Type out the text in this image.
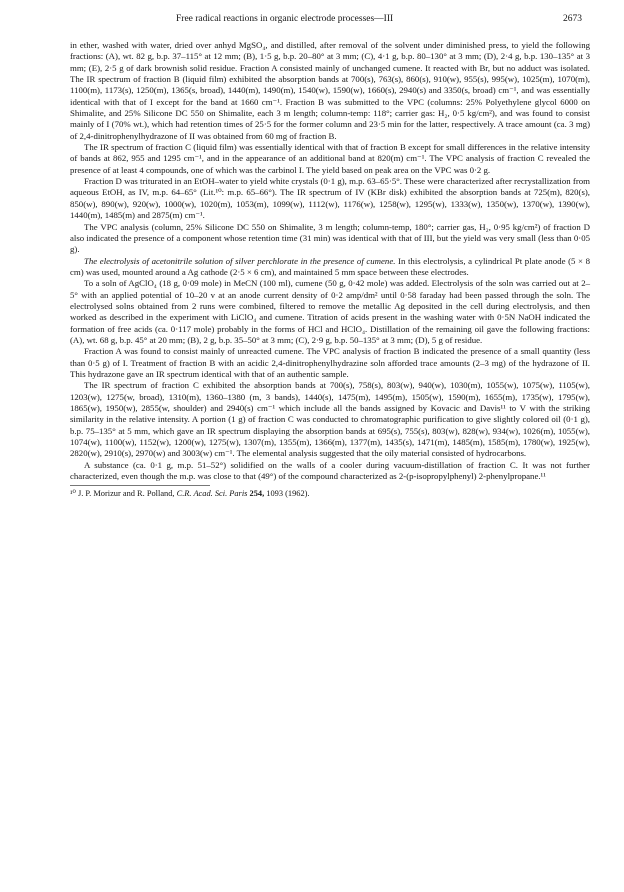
Free radical reactions in organic electrode processes—III	2673

in ether, washed with water, dried over anhyd MgSO₄, and distilled, after removal of the solvent under diminished press, to yield the following fractions: (A), wt. 82 g, b.p. 37–115° at 12 mm; (B), 1·5 g, b.p. 20–80° at 3 mm; (C), 4·1 g, b.p. 80–130° at 3 mm; (D), 2·4 g, b.p. 130–135° at 3 mm; (E), 2·5 g of dark brownish solid residue. Fraction A consisted mainly of unchanged cumene. It reacted with Br, but no adduct was isolated. The IR spectrum of fraction B (liquid film) exhibited the absorption bands at 700(s), 763(s), 860(s), 910(w), 955(s), 995(w), 1025(m), 1070(m), 1100(m), 1173(s), 1250(m), 1365(s, broad), 1440(m), 1490(m), 1540(w), 1590(w), 1660(s), 2940(s) and 3350(s, broad) cm⁻¹, and was essentially identical with that of I except for the band at 1660 cm⁻¹. Fraction B was submitted to the VPC (columns: 25% Polyethylene glycol 6000 on Shimalite, and 25% Silicone DC 550 on Shimalite, each 3 m length; column-temp: 118°; carrier gas: H₂, 0·5 kg/cm²), and was found to consist mainly of I (70% wt.), which had retention times of 25·5 for the former column and 23·5 min for the latter, respectively. A trace amount (ca. 3 mg) of 2,4-dinitrophenylhydrazone of II was obtained from 60 mg of fraction B.

The IR spectrum of fraction C (liquid film) was essentially identical with that of fraction B except for small differences in the relative intensity of bands at 862, 955 and 1295 cm⁻¹, and in the appearance of an additional band at 820(m) cm⁻¹. The VPC analysis of fraction C revealed the presence of at least 4 compounds, one of which was the carbinol I. The yield based on peak area on the VPC was 0·2 g.

Fraction D was triturated in an EtOH–water to yield white crystals (0·1 g), m.p. 63–65·5°. These were characterized after recrystallization from aqueous EtOH, as IV, m.p. 64–65° (Lit.¹⁰: m.p. 65–66°). The IR spectrum of IV (KBr disk) exhibited the absorption bands at 725(m), 820(s), 850(w), 890(w), 920(w), 1000(w), 1020(m), 1053(m), 1099(w), 1112(w), 1176(w), 1258(w), 1295(w), 1333(w), 1350(w), 1370(w), 1390(w), 1440(m), 1485(m) and 2875(m) cm⁻¹.

The VPC analysis (column, 25% Silicone DC 550 on Shimalite, 3 m length; column-temp, 180°; carrier gas, H₂, 0·95 kg/cm²) of fraction D also indicated the presence of a component whose retention time (31 min) was identical with that of III, but the yield was very small (less than 0·05 g).

The electrolysis of acetonitrile solution of silver perchlorate in the presence of cumene. In this electrolysis, a cylindrical Pt plate anode (5 × 8 cm) was used, mounted around a Ag cathode (2·5 × 6 cm), and maintained 5 mm space between these electrodes.

To a soln of AgClO₄ (18 g, 0·09 mole) in MeCN (100 ml), cumene (50 g, 0·42 mole) was added. Electrolysis of the soln was carried out at 2–5° with an applied potential of 10–20 v at an anode current density of 0·2 amp/dm² until 0·58 faraday had been passed through the soln. The electrolysed solns obtained from 2 runs were combined, filtered to remove the metallic Ag deposited in the cell during electrolysis, and then worked as described in the experiment with LiClO₄ and cumene. Titration of acids present in the washing water with 0·5N NaOH indicated the formation of free acids (ca. 0·117 mole) probably in the forms of HCl and HClO₄. Distillation of the remaining oil gave the following fractions: (A), wt. 68 g, b.p. 45° at 20 mm; (B), 2 g, b.p. 35–50° at 3 mm; (C), 2·9 g, b.p. 50–135° at 3 mm; (D), 5 g of residue.

Fraction A was found to consist mainly of unreacted cumene. The VPC analysis of fraction B indicated the presence of a small quantity (less than 0·5 g) of I. Treatment of fraction B with an acidic 2,4-dinitrophenylhydrazine soln afforded trace amounts (2–3 mg) of the hydrazone of II. This hydrazone gave an IR spectrum identical with that of an authentic sample.

The IR spectrum of fraction C exhibited the absorption bands at 700(s), 758(s), 803(w), 940(w), 1030(m), 1055(w), 1075(w), 1105(w), 1203(w), 1275(w, broad), 1310(m), 1360–1380 (m, 3 bands), 1440(s), 1475(m), 1495(m), 1505(w), 1590(m), 1655(m), 1735(w), 1795(w), 1865(w), 1950(w), 2855(w, shoulder) and 2940(s) cm⁻¹ which include all the bands assigned by Kovacic and Davis¹¹ to V with the striking similarity in the relative intensity. A portion (1 g) of fraction C was conducted to chromatographic purification to give slightly colored oil (0·1 g), b.p. 75–135° at 5 mm, which gave an IR spectrum displaying the absorption bands at 695(s), 755(s), 803(w), 828(w), 934(w), 1026(m), 1055(w), 1074(w), 1100(w), 1152(w), 1200(w), 1275(w), 1307(m), 1355(m), 1366(m), 1377(m), 1435(s), 1471(m), 1485(m), 1585(m), 1780(w), 1925(w), 2820(w), 2910(s), 2970(w) and 3003(w) cm⁻¹. The elemental analysis suggested that the oily material consisted of hydrocarbons.

A substance (ca. 0·1 g, m.p. 51–52°) solidified on the walls of a cooler during vacuum-distillation of fraction C. It was not further characterized, even though the m.p. was close to that (49°) of the compound characterized as 2-(p-isopropylphenyl) 2-phenylpropane.¹¹

¹⁰ J. P. Morizur and R. Polland, C.R. Acad. Sci. Paris 254, 1093 (1962).
